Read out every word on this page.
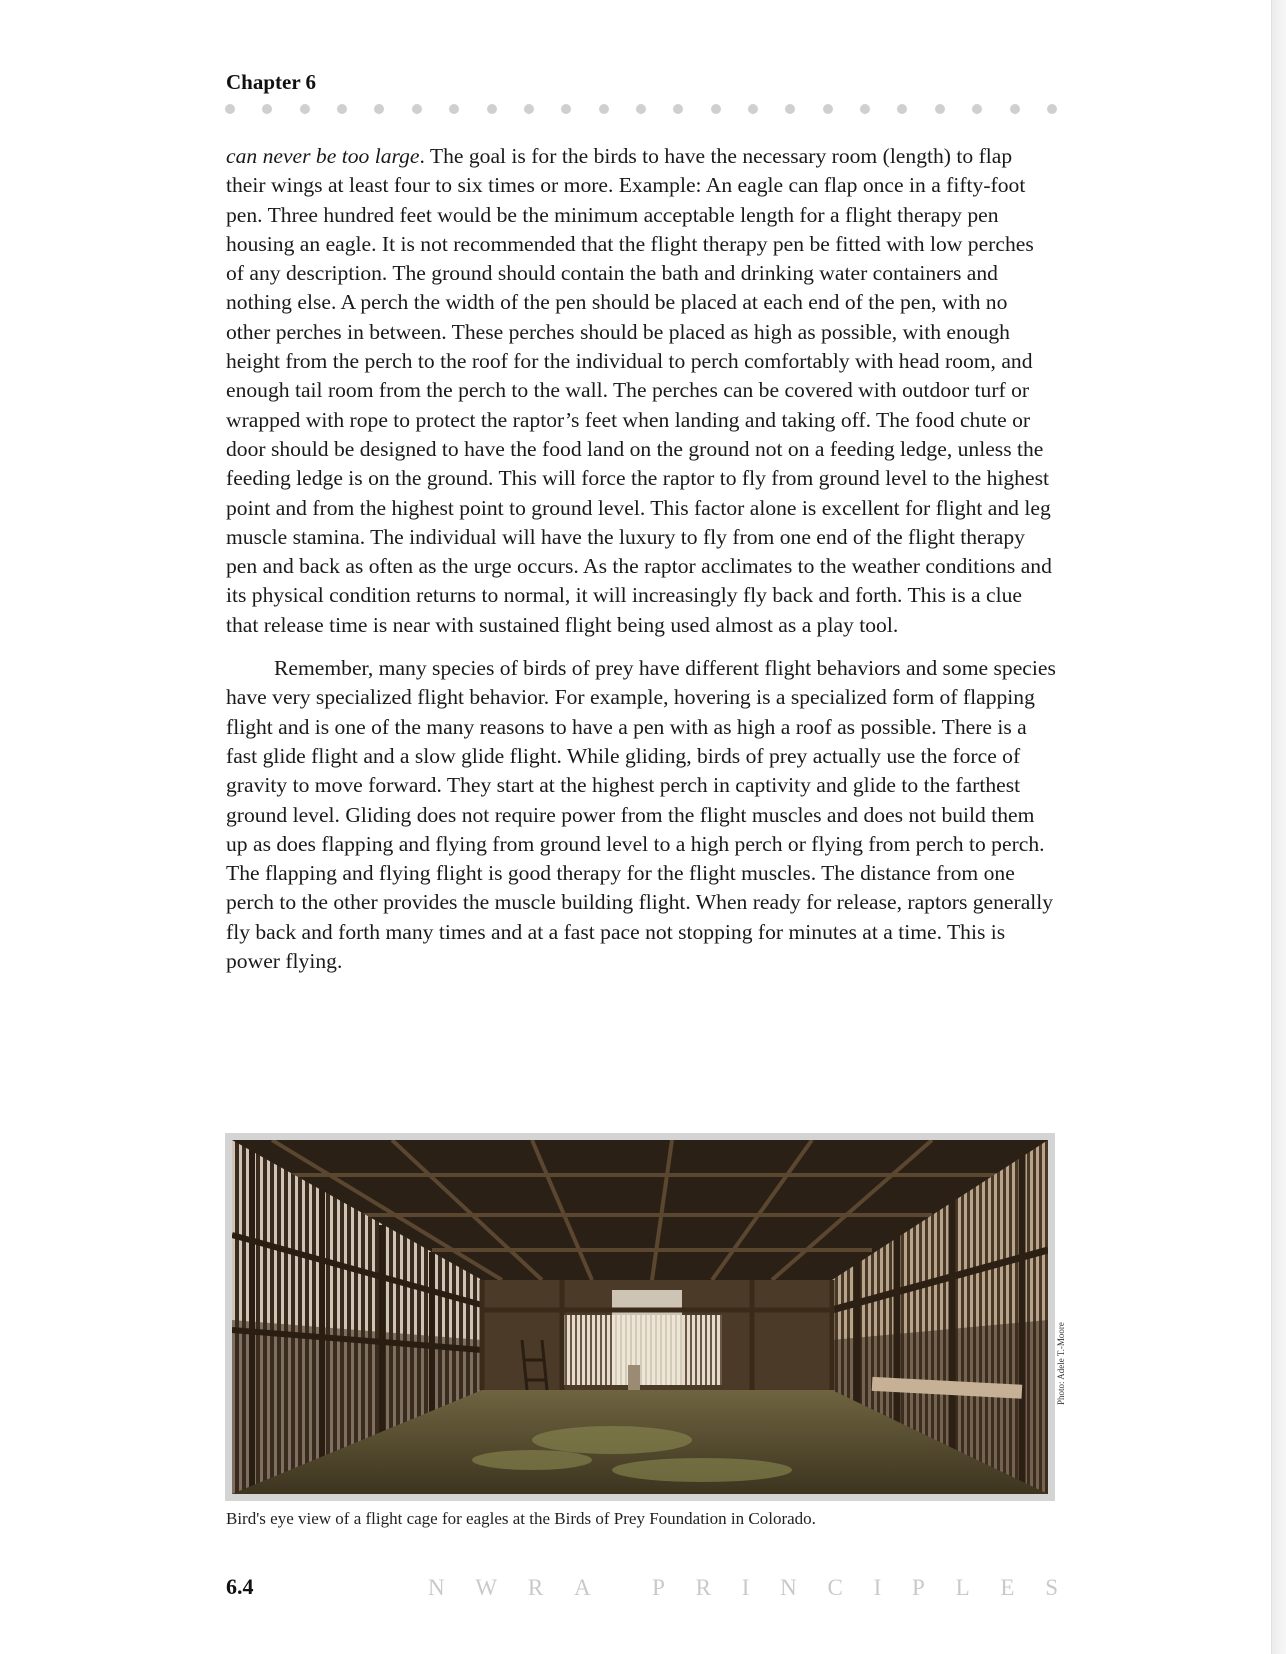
Chapter 6

can never be too large. The goal is for the birds to have the necessary room (length) to flap their wings at least four to six times or more. Example: An eagle can flap once in a fifty-foot pen. Three hundred feet would be the minimum acceptable length for a flight therapy pen housing an eagle. It is not recommended that the flight therapy pen be fitted with low perches of any description. The ground should contain the bath and drinking water containers and nothing else. A perch the width of the pen should be placed at each end of the pen, with no other perches in between. These perches should be placed as high as possible, with enough height from the perch to the roof for the individual to perch comfortably with head room, and enough tail room from the perch to the wall. The perches can be covered with outdoor turf or wrapped with rope to protect the raptor’s feet when landing and taking off. The food chute or door should be designed to have the food land on the ground not on a feeding ledge, unless the feeding ledge is on the ground. This will force the raptor to fly from ground level to the highest point and from the highest point to ground level. This factor alone is excellent for flight and leg muscle stamina. The individual will have the luxury to fly from one end of the flight therapy pen and back as often as the urge occurs. As the raptor acclimates to the weather conditions and its physical condition returns to normal, it will increasingly fly back and forth. This is a clue that release time is near with sustained flight being used almost as a play tool.

Remember, many species of birds of prey have different flight behaviors and some species have very specialized flight behavior. For example, hovering is a specialized form of flapping flight and is one of the many reasons to have a pen with as high a roof as possible. There is a fast glide flight and a slow glide flight. While gliding, birds of prey actually use the force of gravity to move forward. They start at the highest perch in captivity and glide to the farthest ground level. Gliding does not require power from the flight muscles and does not build them up as does flapping and flying from ground level to a high perch or flying from perch to perch. The flapping and flying flight is good therapy for the flight muscles. The distance from one perch to the other provides the muscle building flight. When ready for release, raptors generally fly back and forth many times and at a fast pace not stopping for minutes at a time. This is power flying.

Photo: Adele T.-Moore
Bird's eye view of a flight cage for eagles at the Birds of Prey Foundation in Colorado.
6.4	N W R A	P R I N C I P L E S
